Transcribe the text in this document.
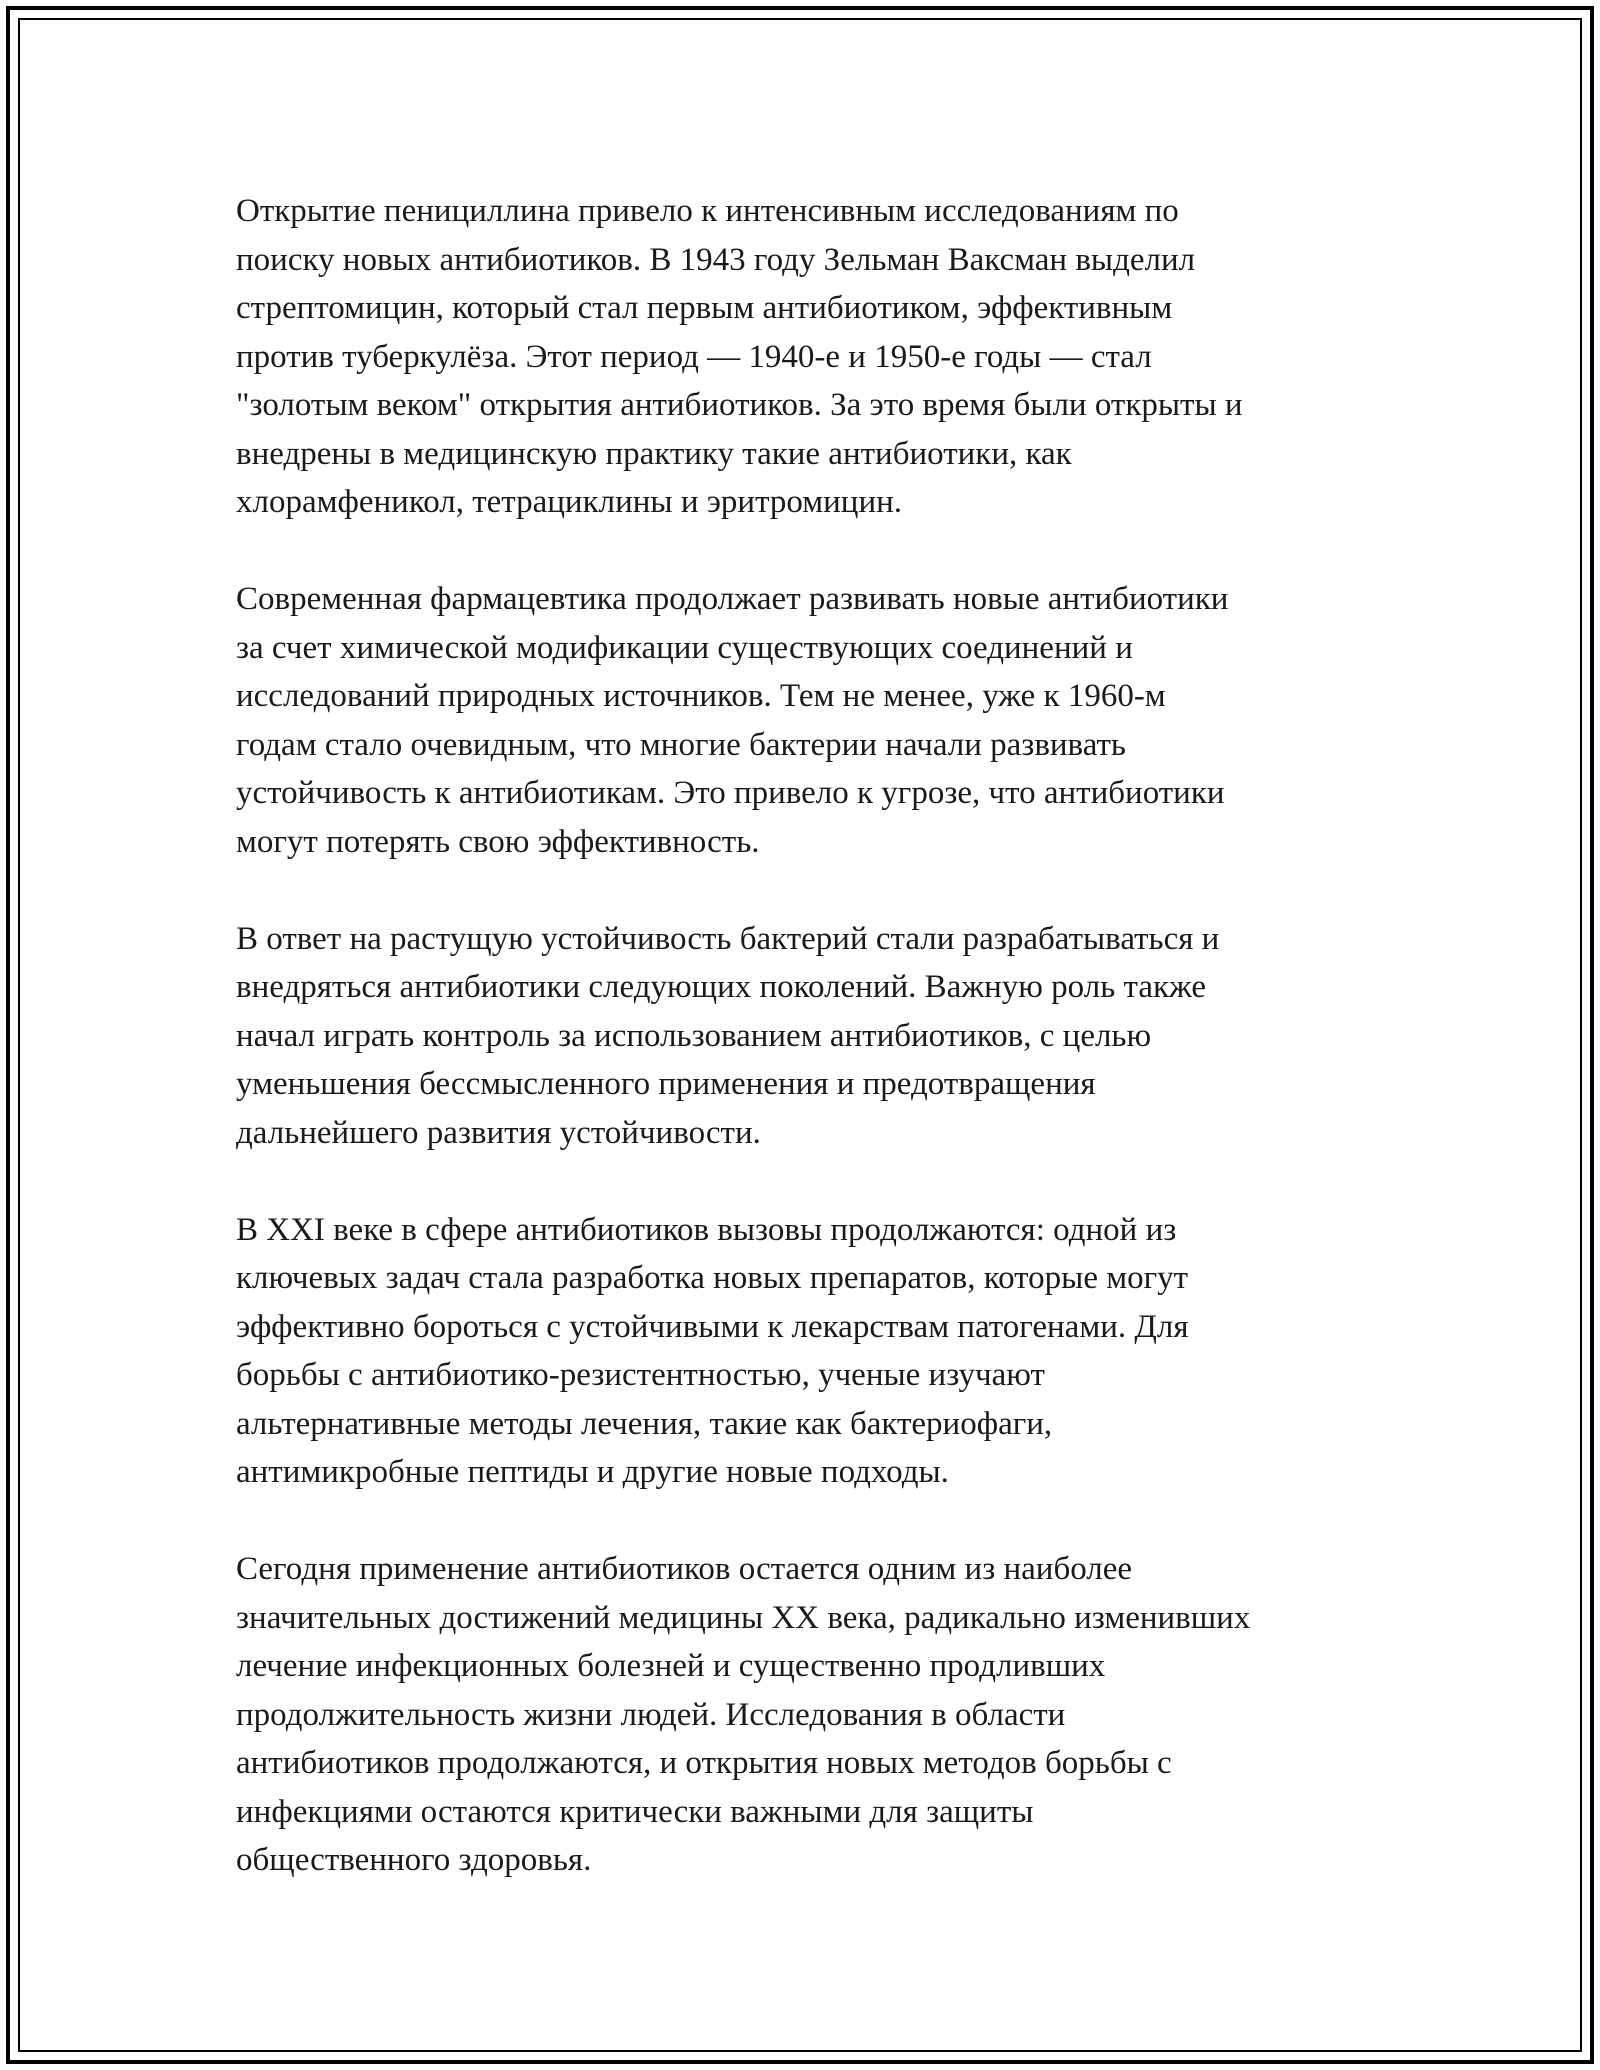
Открытие пенициллина привело к интенсивным исследованиям по
поиску новых антибиотиков. В 1943 году Зельман Ваксман выделил
стрептомицин, который стал первым антибиотиком, эффективным
против туберкулёза. Этот период — 1940-е и 1950-е годы — стал
"золотым веком" открытия антибиотиков. За это время были открыты и
внедрены в медицинскую практику такие антибиотики, как
хлорамфеникол, тетрациклины и эритромицин.

Современная фармацевтика продолжает развивать новые антибиотики
за счет химической модификации существующих соединений и
исследований природных источников. Тем не менее, уже к 1960-м
годам стало очевидным, что многие бактерии начали развивать
устойчивость к антибиотикам. Это привело к угрозе, что антибиотики
могут потерять свою эффективность.

В ответ на растущую устойчивость бактерий стали разрабатываться и
внедряться антибиотики следующих поколений. Важную роль также
начал играть контроль за использованием антибиотиков, с целью
уменьшения бессмысленного применения и предотвращения
дальнейшего развития устойчивости.

В XXI веке в сфере антибиотиков вызовы продолжаются: одной из
ключевых задач стала разработка новых препаратов, которые могут
эффективно бороться с устойчивыми к лекарствам патогенами. Для
борьбы с антибиотико-резистентностью, ученые изучают
альтернативные методы лечения, такие как бактериофаги,
антимикробные пептиды и другие новые подходы.

Сегодня применение антибиотиков остается одним из наиболее
значительных достижений медицины XX века, радикально изменивших
лечение инфекционных болезней и существенно продливших
продолжительность жизни людей. Исследования в области
антибиотиков продолжаются, и открытия новых методов борьбы с
инфекциями остаются критически важными для защиты
общественного здоровья.
